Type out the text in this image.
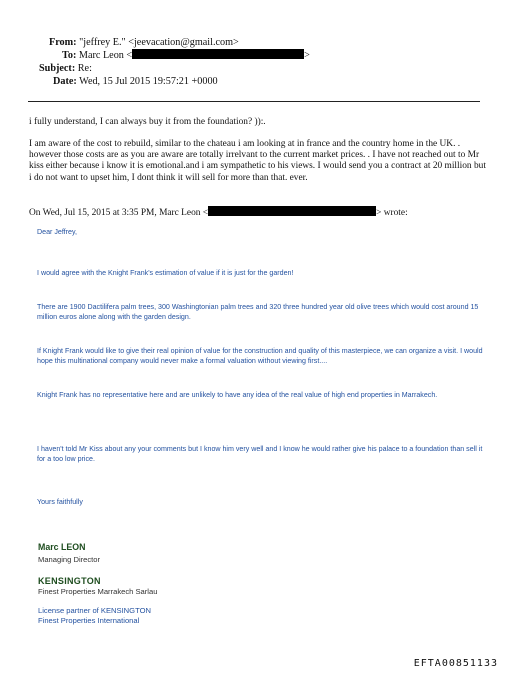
From: "jeffrey E." <jeevacation@gmail.com>
To: Marc Leon <	>
Subject: Re:
Date: Wed, 15 Jul 2015 19:57:21 +0000
i fully understand, I can always buy it from the foundation? )):.
I am aware of the cost to rebuild, similar to the chateau i am looking at in france and the country home in the UK. . however those costs are as you are aware are totally irrelvant to the current market prices. . I have not reached out to Mr kiss either because i know it is emotional.and i am sympathetic to his views. I would send you a contract at 20 million but i do not want to upset him, I dont think it will sell for more than that. ever.
On Wed, Jul 15, 2015 at 3:35 PM, Marc Leon <	> wrote:
Dear Jeffrey,
I would agree with the Knight Frank's estimation of value if it is just for the garden!
There are 1900 Dactilifera palm trees, 300 Washingtonian palm trees and 320 three hundred year old olive trees which would cost around 15 million euros alone along with the garden design.
If Knight Frank would like to give their real opinion of value for the construction and quality of this masterpiece, we can organize a visit. I would hope this multinational company would never make a formal valuation without viewing first....
Knight Frank has no representative here and are unlikely to have any idea of the real value of high end properties in Marrakech.
I haven't told Mr Kiss about any your comments but I know him very well and I know he would rather give his palace to a foundation than sell it for a too low price.
Yours faithfully
Marc LEON
Managing Director
KENSINGTON
Finest Properties Marrakech Sarlau
License partner of KENSINGTON
Finest Properties International
EFTA00851133
